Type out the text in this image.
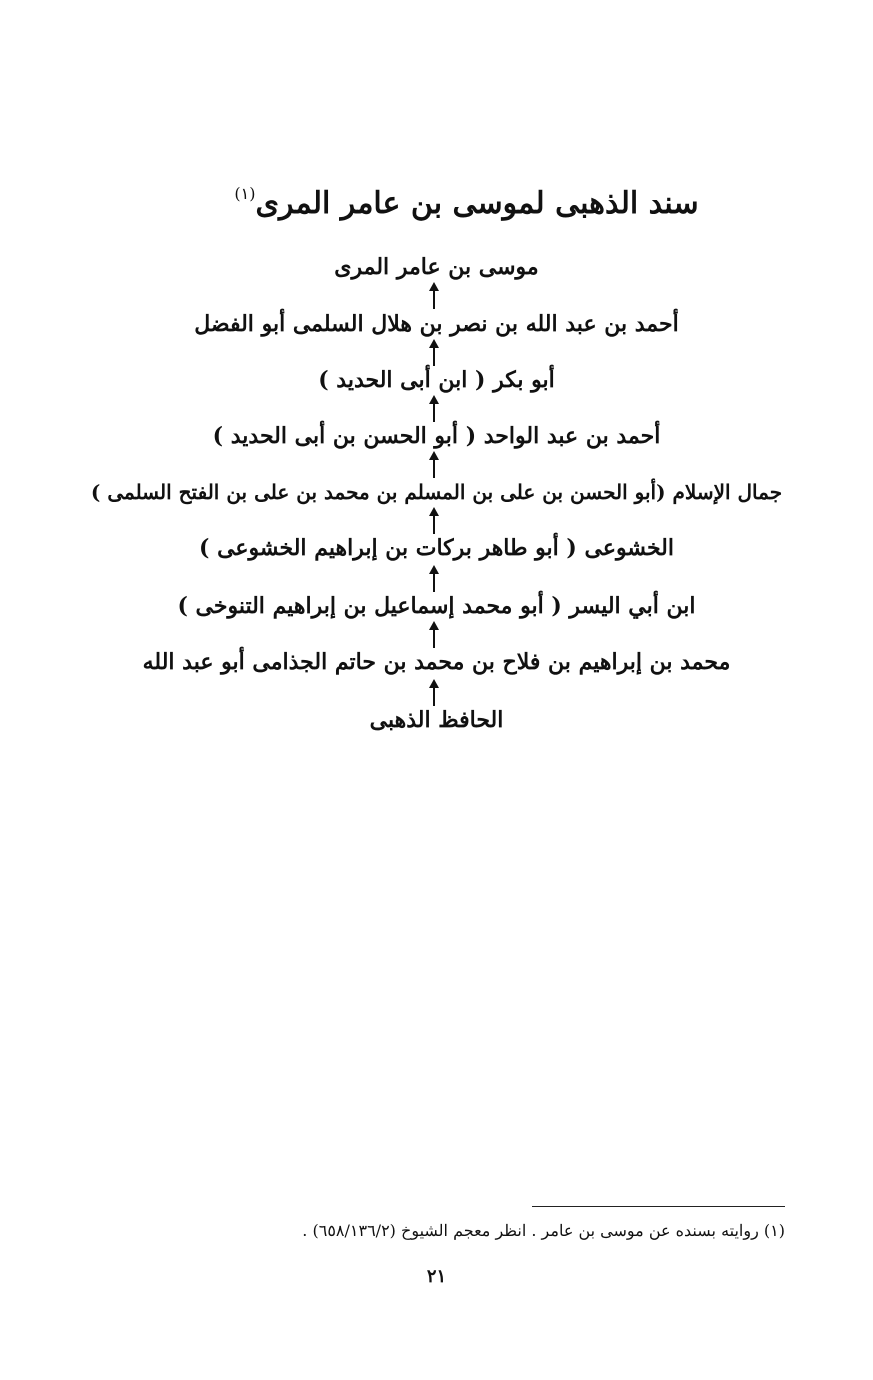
سند الذهبى لموسى بن عامر المرى$^{(١)}$
موسى بن عامر المرى
أحمد بن عبد الله بن نصر بن هلال السلمى أبو الفضل
أبو بكر ( ابن أبى الحديد )
أحمد بن عبد الواحد ( أبو الحسن بن أبى الحديد )
جمال الإسلام (أبو الحسن بن على بن المسلم بن محمد بن على بن الفتح السلمى )
الخشوعى ( أبو طاهر بركات بن إبراهيم الخشوعى )
ابن أبي اليسر ( أبو محمد إسماعيل بن إبراهيم التنوخى )
محمد بن إبراهيم بن فلاح بن محمد بن حاتم الجذامى أبو عبد الله
الحافظ الذهبى
(١) روايته بسنده عن موسى بن عامر . انظر معجم الشيوخ (٦٥٨/١٣٦/٢) .
٢١
